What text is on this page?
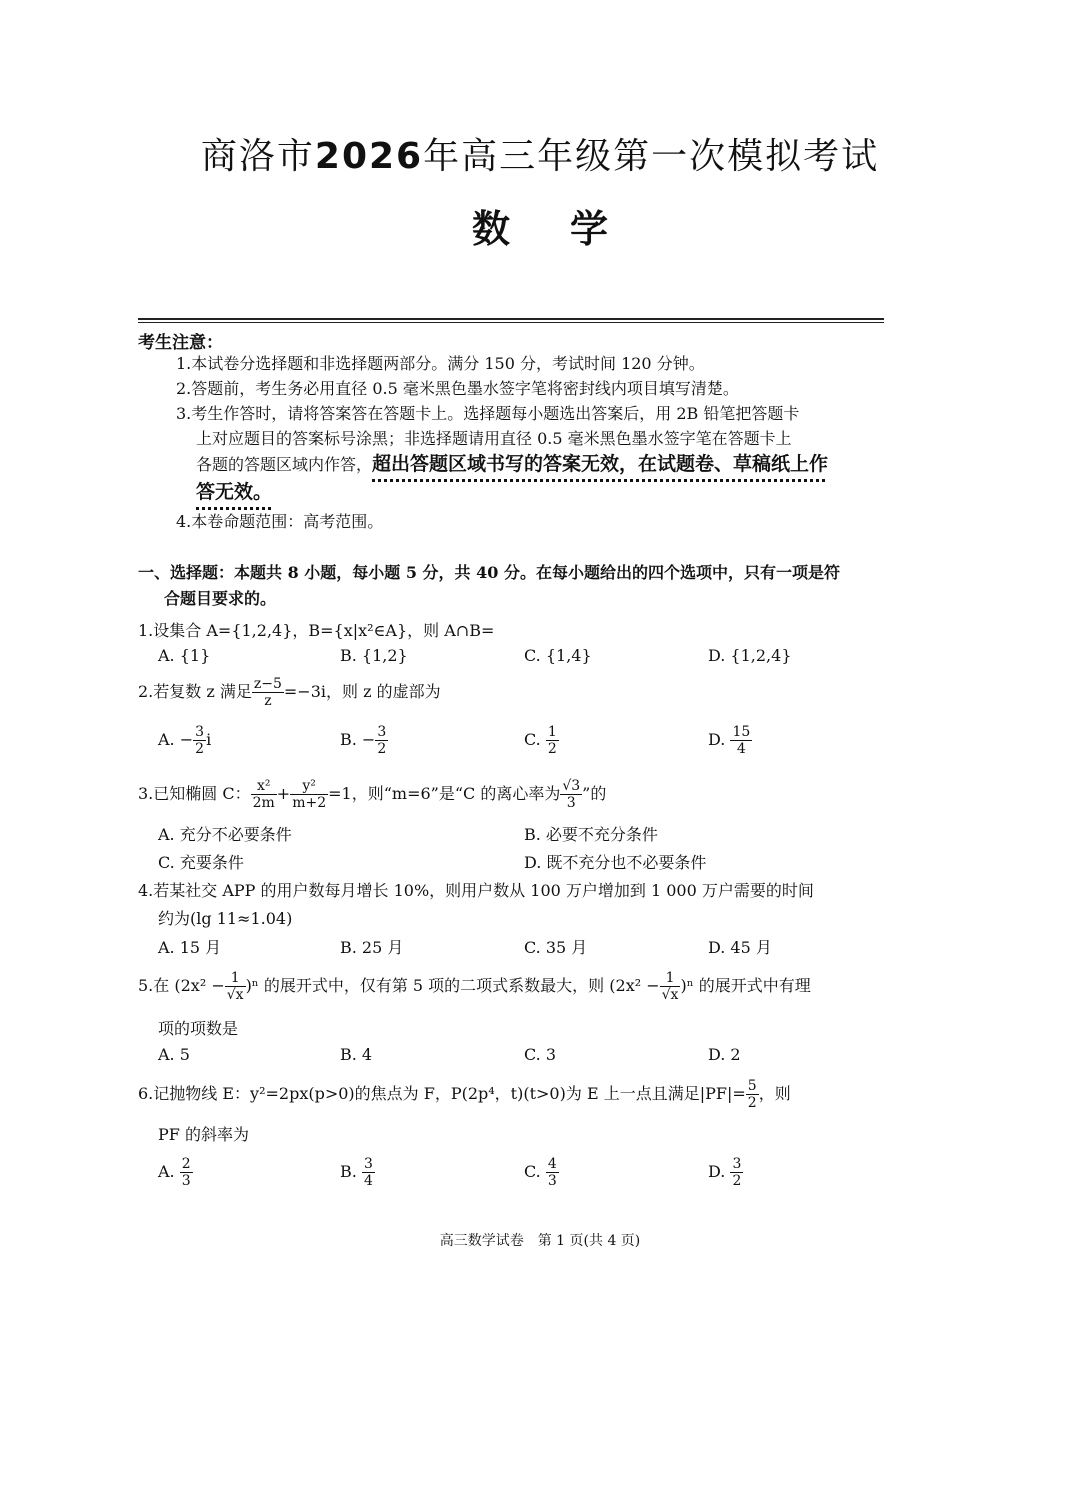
商洛市2026年高三年级第一次模拟考试
数学
考生注意：
1.本试卷分选择题和非选择题两部分。满分 150 分，考试时间 120 分钟。
2.答题前，考生务必用直径 0.5 毫米黑色墨水签字笔将密封线内项目填写清楚。
3.考生作答时，请将答案答在答题卡上。选择题每小题选出答案后，用 2B 铅笔把答题卡
上对应题目的答案标号涂黑；非选择题请用直径 0.5 毫米黑色墨水签字笔在答题卡上
各题的答题区域内作答，超出答题区域书写的答案无效，在试题卷、草稿纸上作
答无效。
4.本卷命题范围：高考范围。
一、选择题：本题共 8 小题，每小题 5 分，共 40 分。在每小题给出的四个选项中，只有一项是符
合题目要求的。
1.设集合 A={1,2,4}，B={x|x²∈A}，则 A∩B=
A. {1}	B. {1,2}	C. {1,4}	D. {1,2,4}
2.若复数 z 满足 $\frac{z-5}{z} =-3i$，则 z 的虚部为
A. − $\frac{3}{2}$ i	B. − $\frac{3}{2}$	C. $\frac{1}{2}$	D. $\frac{15}{4}$
3.已知椭圆 C： $\frac{\text{x²}}{2m} + \frac{\text{y²}}{m+2} =1$，则“m=6”是“C 的离心率为 $\frac{√3}{3}$ ”的
A. 充分不必要条件	B. 必要不充分条件
C. 充要条件	D. 既不充分也不必要条件
4.若某社交 APP 的用户数每月增长 10%，则用户数从 100 万户增加到 1 000 万户需要的时间
约为(lg 11≈1.04)
A. 15 月	B. 25 月	C. 35 月	D. 45 月
5.在 $(2x^2 - \frac{1}{√x} )^n$ 的展开式中，仅有第 5 项的二项式系数最大，则 $(2x^2 - \frac{1}{√x} )^n$ 的展开式中有理
项的项数是
A. 5	B. 4	C. 3	D. 2
6.记抛物线 E：y²=2px(p>0)的焦点为 F，P(2p⁴，t)(t>0)为 E 上一点且满足$|PF|= \frac{5}{2}$ ，则
PF 的斜率为
A. $\frac{2}{3}$	B. $\frac{3}{4}$	C. $\frac{4}{3}$	D. $\frac{3}{2}$
高三数学试卷　第 1 页(共 4 页)
